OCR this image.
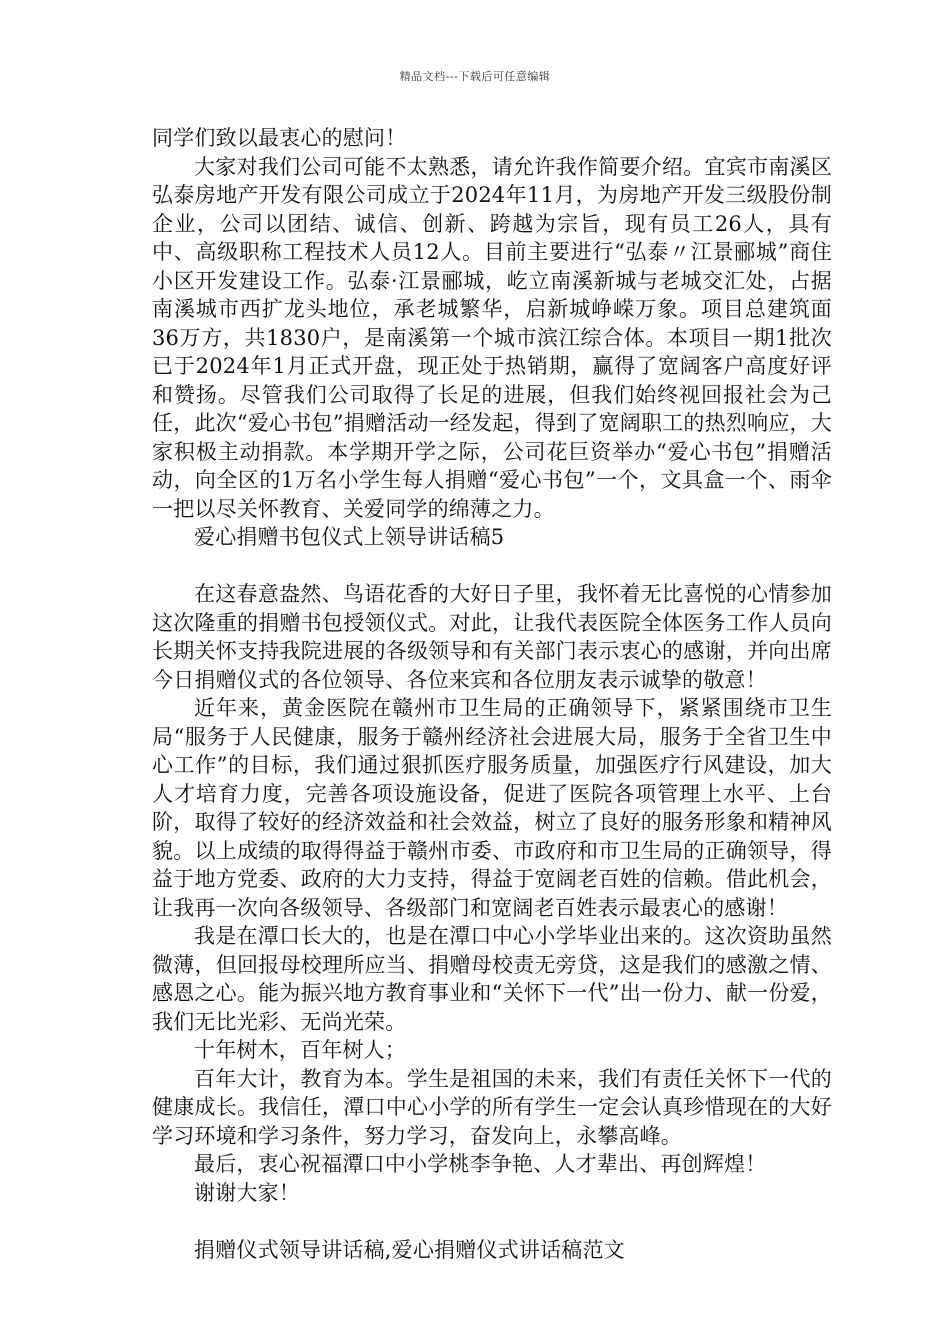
精品文档---下载后可任意编辑

同学们致以最衷心的慰问！

大家对我们公司可能不太熟悉，请允许我作简要介绍。宜宾市南溪区弘泰房地产开发有限公司成立于2024年11月，为房地产开发三级股份制企业，公司以团结、诚信、创新、跨越为宗旨，现有员工26人，具有中、高级职称工程技术人员12人。目前主要进行“弘泰〃江景郦城”商住小区开发建设工作。弘泰·江景郦城，屹立南溪新城与老城交汇处，占据南溪城市西扩龙头地位，承老城繁华，启新城峥嵘万象。项目总建筑面36万方，共1830户，是南溪第一个城市滨江综合体。本项目一期1批次已于2024年1月正式开盘，现正处于热销期，赢得了宽阔客户高度好评和赞扬。尽管我们公司取得了长足的进展，但我们始终视回报社会为己任，此次“爱心书包”捐赠活动一经发起，得到了宽阔职工的热烈响应，大家积极主动捐款。本学期开学之际，公司花巨资举办“爱心书包”捐赠活动，向全区的1万名小学生每人捐赠“爱心书包”一个，文具盒一个、雨伞一把以尽关怀教育、关爱同学的绵薄之力。

爱心捐赠书包仪式上领导讲话稿5

在这春意盎然、鸟语花香的大好日子里，我怀着无比喜悦的心情参加这次隆重的捐赠书包授领仪式。对此，让我代表医院全体医务工作人员向长期关怀支持我院进展的各级领导和有关部门表示衷心的感谢，并向出席今日捐赠仪式的各位领导、各位来宾和各位朋友表示诚挚的敬意！

近年来，黄金医院在赣州市卫生局的正确领导下，紧紧围绕市卫生局“服务于人民健康，服务于赣州经济社会进展大局，服务于全省卫生中心工作”的目标，我们通过狠抓医疗服务质量，加强医疗行风建设，加大人才培育力度，完善各项设施设备，促进了医院各项管理上水平、上台阶，取得了较好的经济效益和社会效益，树立了良好的服务形象和精神风貌。以上成绩的取得得益于赣州市委、市政府和市卫生局的正确领导，得益于地方党委、政府的大力支持，得益于宽阔老百姓的信赖。借此机会，让我再一次向各级领导、各级部门和宽阔老百姓表示最衷心的感谢！

我是在潭口长大的，也是在潭口中心小学毕业出来的。这次资助虽然微薄，但回报母校理所应当、捐赠母校责无旁贷，这是我们的感激之情、感恩之心。能为振兴地方教育事业和“关怀下一代”出一份力、献一份爱，我们无比光彩、无尚光荣。

十年树木，百年树人；

百年大计，教育为本。学生是祖国的未来，我们有责任关怀下一代的健康成长。我信任，潭口中心小学的所有学生一定会认真珍惜现在的大好学习环境和学习条件，努力学习，奋发向上，永攀高峰。

最后，衷心祝福潭口中小学桃李争艳、人才辈出、再创辉煌！

谢谢大家！

捐赠仪式领导讲话稿,爱心捐赠仪式讲话稿范文
